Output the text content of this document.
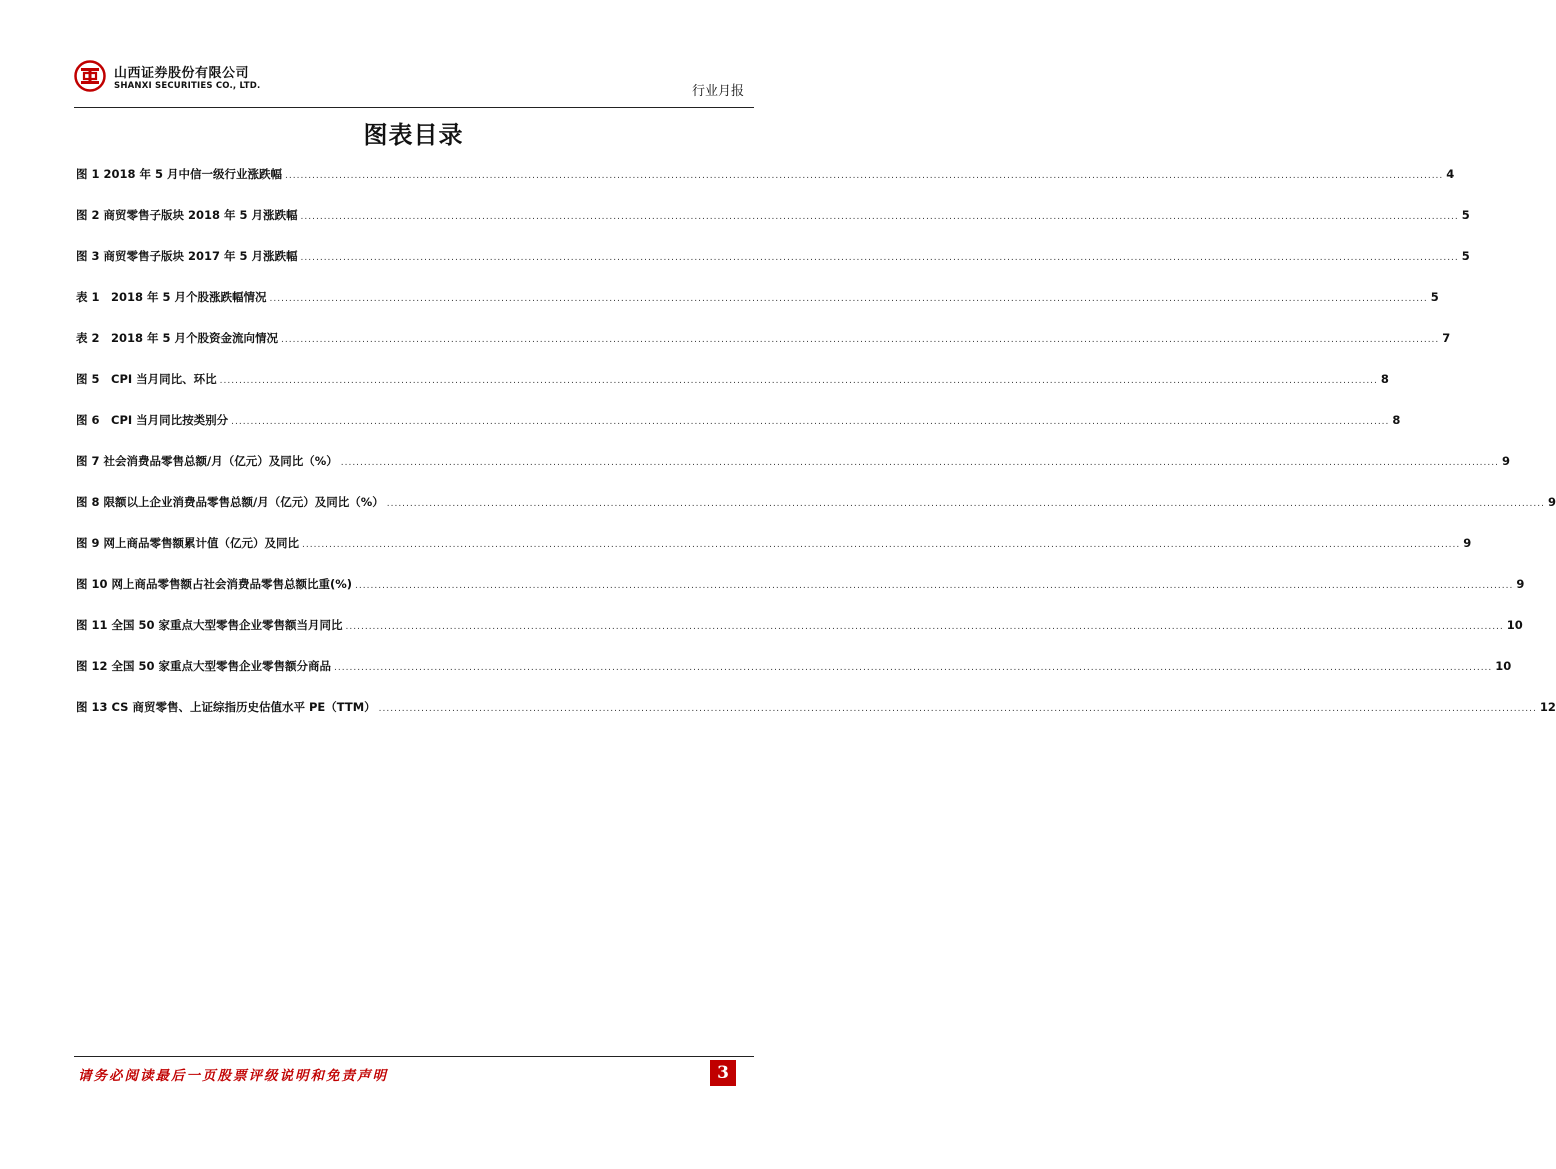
山西证券股份有限公司
SHANXI SECURITIES CO., LTD.	行业月报
图表目录
图 1 2018 年 5 月中信一级行业涨跌幅 ............................................................................................................................................................................................................................................................................................................ 4
图 2 商贸零售子版块 2018 年 5 月涨跌幅 ............................................................................................................................................................................................................................................................................................................ 5
图 3 商贸零售子版块 2017 年 5 月涨跌幅 ............................................................................................................................................................................................................................................................................................................ 5
表 1　2018 年 5 月个股涨跌幅情况 ............................................................................................................................................................................................................................................................................................................ 5
表 2　2018 年 5 月个股资金流向情况 ............................................................................................................................................................................................................................................................................................................ 7
图 5　CPI 当月同比、环比 ............................................................................................................................................................................................................................................................................................................ 8
图 6　CPI 当月同比按类别分 ............................................................................................................................................................................................................................................................................................................ 8
图 7 社会消费品零售总额/月（亿元）及同比（%） ............................................................................................................................................................................................................................................................................................................ 9
图 8 限额以上企业消费品零售总额/月（亿元）及同比（%） ............................................................................................................................................................................................................................................................................................................ 9
图 9 网上商品零售额累计值（亿元）及同比 ............................................................................................................................................................................................................................................................................................................ 9
图 10 网上商品零售额占社会消费品零售总额比重(%) ............................................................................................................................................................................................................................................................................................................ 9
图 11 全国 50 家重点大型零售企业零售额当月同比 ............................................................................................................................................................................................................................................................................................................ 10
图 12 全国 50 家重点大型零售企业零售额分商品 ............................................................................................................................................................................................................................................................................................................ 10
图 13 CS 商贸零售、上证综指历史估值水平 PE（TTM） ............................................................................................................................................................................................................................................................................................................ 12
请务必阅读最后一页股票评级说明和免责声明	3
